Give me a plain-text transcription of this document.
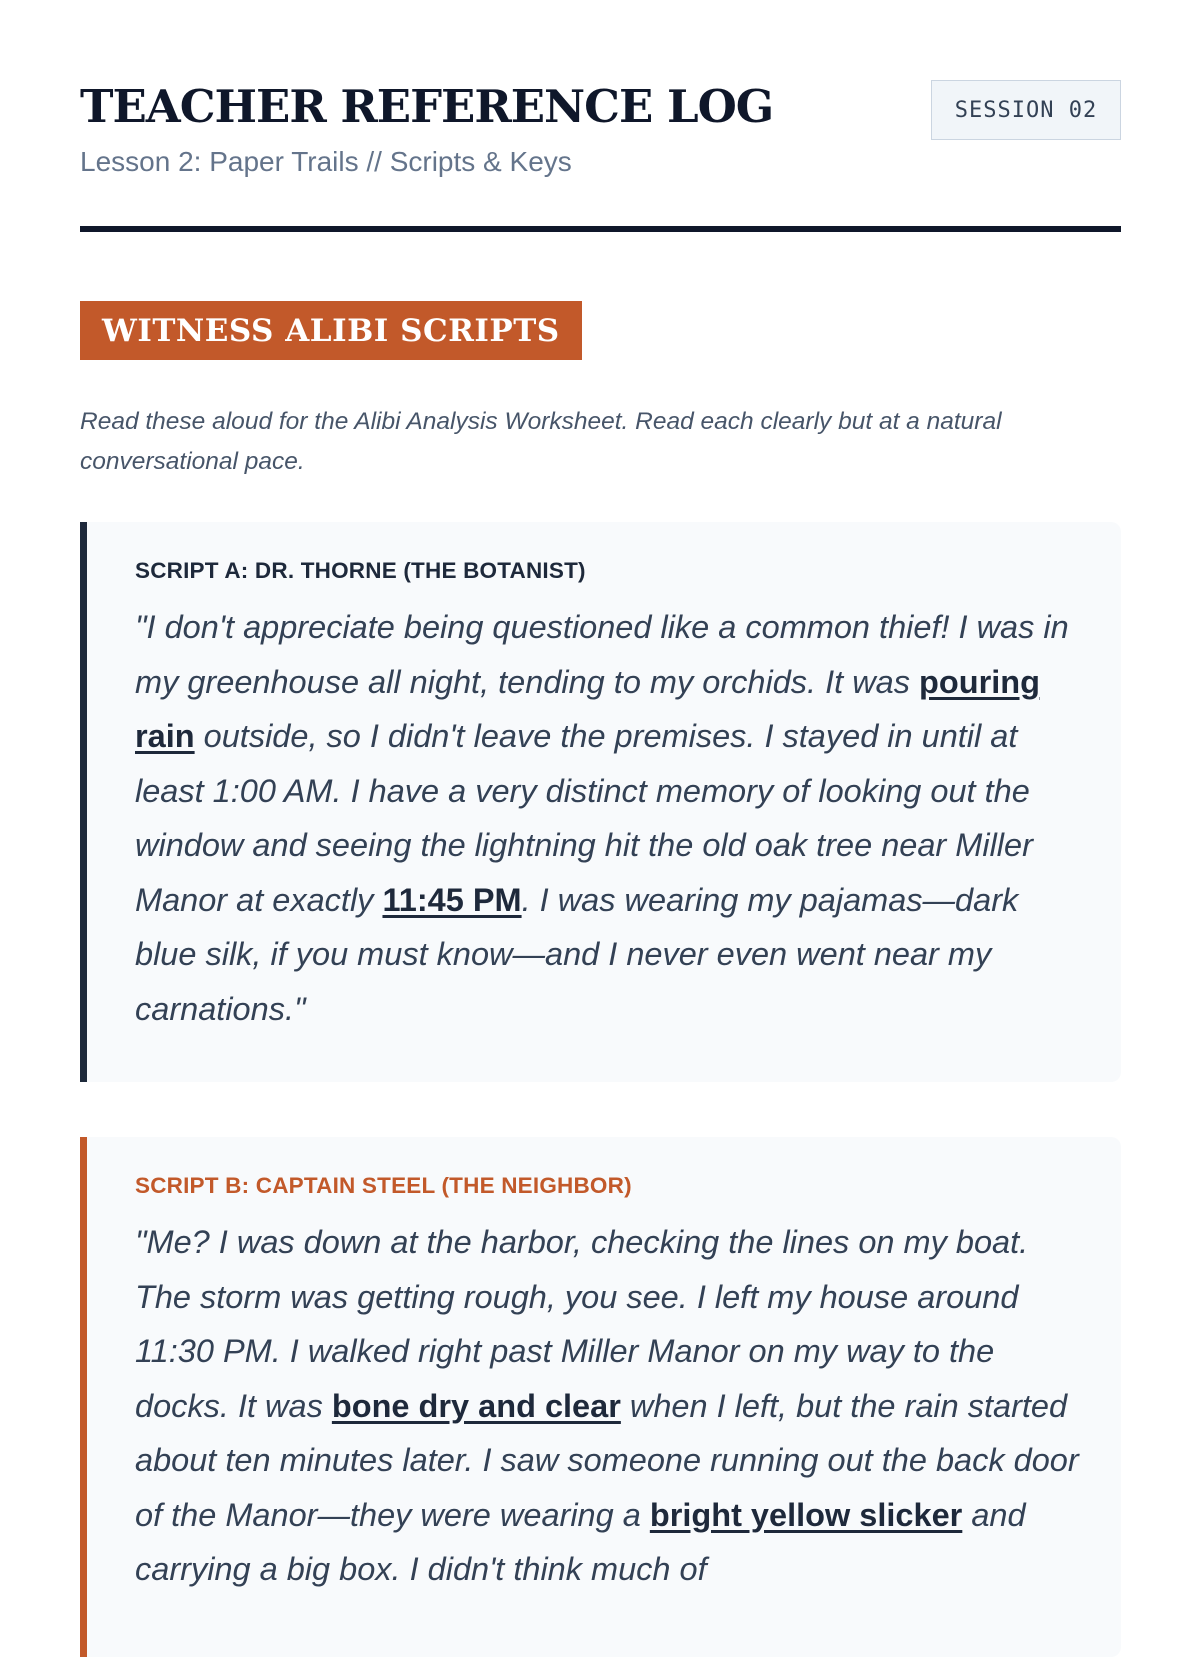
TEACHER REFERENCE LOG
Lesson 2: Paper Trails // Scripts & Keys
SESSION 02
WITNESS ALIBI SCRIPTS

Read these aloud for the Alibi Analysis Worksheet. Read each clearly but at a natural conversational pace.

SCRIPT A: DR. THORNE (THE BOTANIST)

"I don't appreciate being questioned like a common thief! I was in my greenhouse all night, tending to my orchids. It was pouring rain outside, so I didn't leave the premises. I stayed in until at least 1:00 AM. I have a very distinct memory of looking out the window and seeing the lightning hit the old oak tree near Miller Manor at exactly 11:45 PM. I was wearing my pajamas—dark blue silk, if you must know—and I never even went near my carnations."

SCRIPT B: CAPTAIN STEEL (THE NEIGHBOR)

"Me? I was down at the harbor, checking the lines on my boat. The storm was getting rough, you see. I left my house around 11:30 PM. I walked right past Miller Manor on my way to the docks. It was bone dry and clear when I left, but the rain started about ten minutes later. I saw someone running out the back door of the Manor—they were wearing a bright yellow slicker and carrying a big box. I didn't think much of
